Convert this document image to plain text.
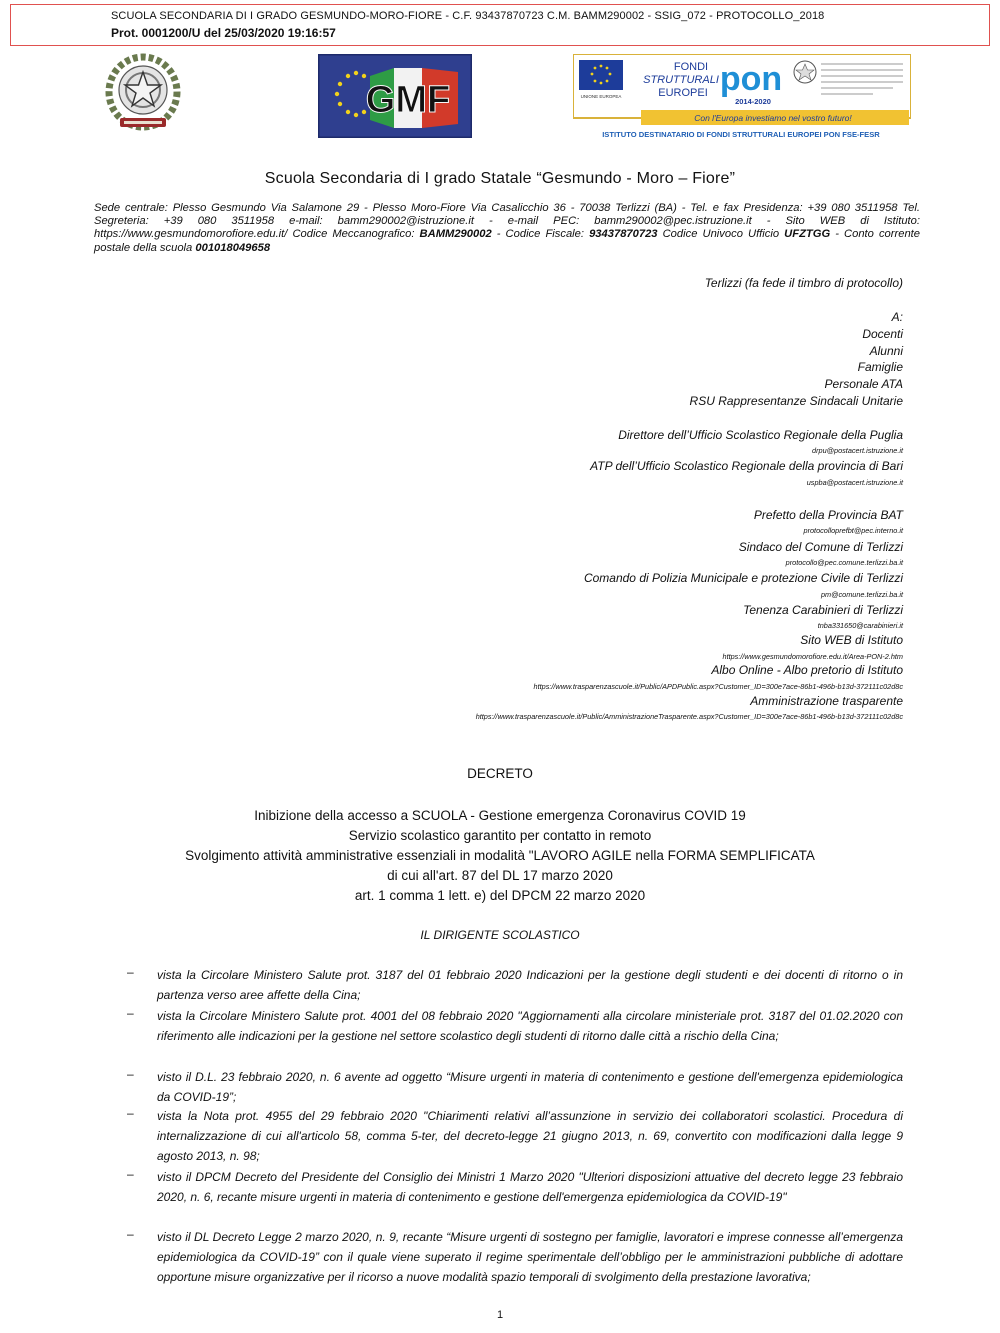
SCUOLA SECONDARIA DI I GRADO GESMUNDO-MORO-FIORE - C.F. 93437870723 C.M. BAMM290002 - SSIG_072 - PROTOCOLLO_2018
Prot. 0001200/U del 25/03/2020 19:16:57
GMF	UNIONE EUROPEA
FONDI
STRUTTURALI
EUROPEI pon
2014-2020
Con l'Europa investiamo nel vostro futuro!
ISTITUTO DESTINATARIO DI FONDI STRUTTURALI EUROPEI PON FSE-FESR
Scuola Secondaria di I grado Statale “Gesmundo - Moro – Fiore”
Sede centrale: Plesso Gesmundo Via Salamone 29 - Plesso Moro-Fiore Via Casalicchio 36 - 70038 Terlizzi (BA) - Tel. e fax Presidenza: +39 080 3511958 Tel. Segreteria: +39 080 3511958 e-mail: bamm290002@istruzione.it - e-mail PEC: bamm290002@pec.istruzione.it - Sito WEB di Istituto: https://www.gesmundomorofiore.edu.it/ Codice Meccanografico: BAMM290002 - Codice Fiscale: 93437870723 Codice Univoco Ufficio UFZTGG - Conto corrente postale della scuola 001018049658
Terlizzi (fa fede il timbro di protocollo)
A:
Docenti
Alunni
Famiglie
Personale ATA
RSU Rappresentanze Sindacali Unitarie
Direttore dell’Ufficio Scolastico Regionale della Puglia
drpu@postacert.istruzione.it
ATP dell’Ufficio Scolastico Regionale della provincia di Bari
uspba@postacert.istruzione.it
Prefetto della Provincia BAT
protocolloprefbt@pec.interno.it
Sindaco del Comune di Terlizzi
protocollo@pec.comune.terlizzi.ba.it
Comando di Polizia Municipale e protezione Civile di Terlizzi
pm@comune.terlizzi.ba.it
Tenenza Carabinieri di Terlizzi
tnba331650@carabinieri.it
Sito WEB di Istituto
https://www.gesmundomorofiore.edu.it/Area-PON-2.htm
Albo Online - Albo pretorio di Istituto
https://www.trasparenzascuole.it/Public/APDPublic.aspx?Customer_ID=300e7ace-86b1-496b-b13d-372111c02d8c
Amministrazione trasparente
https://www.trasparenzascuole.it/Public/AmministrazioneTrasparente.aspx?Customer_ID=300e7ace-86b1-496b-b13d-372111c02d8c
DECRETO
Inibizione della accesso a SCUOLA - Gestione emergenza Coronavirus COVID 19
Servizio scolastico garantito per contatto in remoto
Svolgimento attività amministrative essenziali in modalità "LAVORO AGILE nella FORMA SEMPLIFICATA
di cui all'art. 87 del DL 17 marzo 2020
art. 1 comma 1 lett. e) del DPCM 22 marzo 2020
IL DIRIGENTE SCOLASTICO
– vista la Circolare Ministero Salute prot. 3187 del 01 febbraio 2020 Indicazioni per la gestione degli studenti e dei docenti di ritorno o in partenza verso aree affette della Cina;
– vista la Circolare Ministero Salute prot. 4001 del 08 febbraio 2020 "Aggiornamenti alla circolare ministeriale prot. 3187 del 01.02.2020 con riferimento alle indicazioni per la gestione nel settore scolastico degli studenti di ritorno dalle città a rischio della Cina;
– visto il D.L. 23 febbraio 2020, n. 6 avente ad oggetto “Misure urgenti in materia di contenimento e gestione dell'emergenza epidemiologica da COVID-19”;
– vista la Nota prot. 4955 del 29 febbraio 2020 "Chiarimenti relativi all’assunzione in servizio dei collaboratori scolastici. Procedura di internalizzazione di cui all'articolo 58, comma 5-ter, del decreto-legge 21 giugno 2013, n. 69, convertito con modificazioni dalla legge 9 agosto 2013, n. 98;
– visto il DPCM Decreto del Presidente del Consiglio dei Ministri 1 Marzo 2020 "Ulteriori disposizioni attuative del decreto legge 23 febbraio 2020, n. 6, recante misure urgenti in materia di contenimento e gestione dell'emergenza epidemiologica da COVID-19"
– visto il DL Decreto Legge 2 marzo 2020, n. 9, recante “Misure urgenti di sostegno per famiglie, lavoratori e imprese connesse all’emergenza epidemiologica da COVID-19” con il quale viene superato il regime sperimentale dell’obbligo per le amministrazioni pubbliche di adottare opportune misure organizzative per il ricorso a nuove modalità spazio temporali di svolgimento della prestazione lavorativa;
1
